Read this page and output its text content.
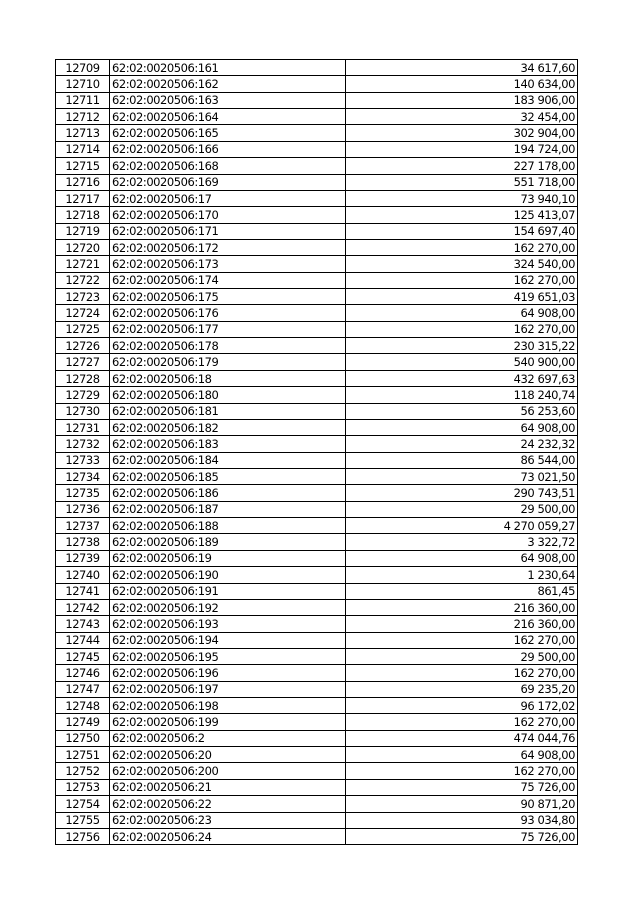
12709	62:02:0020506:161	34 617,60
12710	62:02:0020506:162	140 634,00
12711	62:02:0020506:163	183 906,00
12712	62:02:0020506:164	32 454,00
12713	62:02:0020506:165	302 904,00
12714	62:02:0020506:166	194 724,00
12715	62:02:0020506:168	227 178,00
12716	62:02:0020506:169	551 718,00
12717	62:02:0020506:17	73 940,10
12718	62:02:0020506:170	125 413,07
12719	62:02:0020506:171	154 697,40
12720	62:02:0020506:172	162 270,00
12721	62:02:0020506:173	324 540,00
12722	62:02:0020506:174	162 270,00
12723	62:02:0020506:175	419 651,03
12724	62:02:0020506:176	64 908,00
12725	62:02:0020506:177	162 270,00
12726	62:02:0020506:178	230 315,22
12727	62:02:0020506:179	540 900,00
12728	62:02:0020506:18	432 697,63
12729	62:02:0020506:180	118 240,74
12730	62:02:0020506:181	56 253,60
12731	62:02:0020506:182	64 908,00
12732	62:02:0020506:183	24 232,32
12733	62:02:0020506:184	86 544,00
12734	62:02:0020506:185	73 021,50
12735	62:02:0020506:186	290 743,51
12736	62:02:0020506:187	29 500,00
12737	62:02:0020506:188	4 270 059,27
12738	62:02:0020506:189	3 322,72
12739	62:02:0020506:19	64 908,00
12740	62:02:0020506:190	1 230,64
12741	62:02:0020506:191	861,45
12742	62:02:0020506:192	216 360,00
12743	62:02:0020506:193	216 360,00
12744	62:02:0020506:194	162 270,00
12745	62:02:0020506:195	29 500,00
12746	62:02:0020506:196	162 270,00
12747	62:02:0020506:197	69 235,20
12748	62:02:0020506:198	96 172,02
12749	62:02:0020506:199	162 270,00
12750	62:02:0020506:2	474 044,76
12751	62:02:0020506:20	64 908,00
12752	62:02:0020506:200	162 270,00
12753	62:02:0020506:21	75 726,00
12754	62:02:0020506:22	90 871,20
12755	62:02:0020506:23	93 034,80
12756	62:02:0020506:24	75 726,00
